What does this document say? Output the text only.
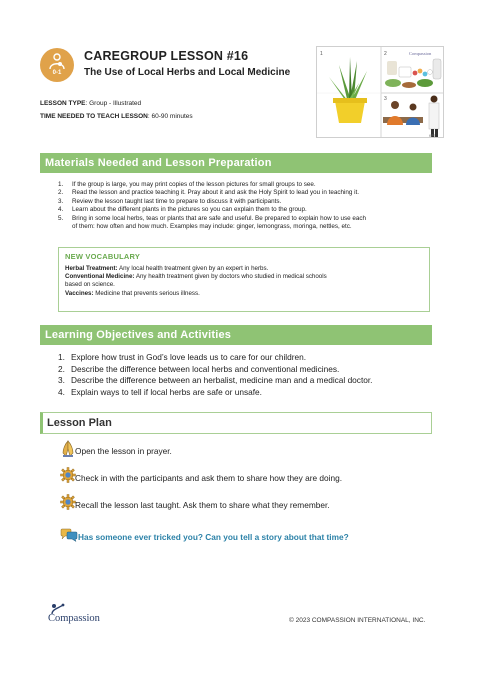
0-1
CAREGROUP LESSON #16
The Use of Local Herbs and Local Medicine
1	2
3
Compassion
KP1
LESSON TYPE: Group - Illustrated
TIME NEEDED TO TEACH LESSON: 60-90 minutes
Materials Needed and Lesson Preparation
1. If the group is large, you may print copies of the lesson pictures for small groups to see.
2. Read the lesson and practice teaching it. Pray about it and ask the Holy Spirit to lead you in teaching it.
3. Review the lesson taught last time to prepare to discuss it with participants.
4. Learn about the different plants in the pictures so you can explain them to the group.
5. Bring in some local herbs, teas or plants that are safe and useful. Be prepared to explain how to use each
of them: how often and how much. Examples may include: ginger, lemongrass, moringa, nettles, etc.
NEW VOCABULARY
Herbal Treatment: Any local health treatment given by an expert in herbs.
Conventional Medicine: Any health treatment given by doctors who studied in medical schools
based on science.
Vaccines: Medicine that prevents serious illness.
Learning Objectives and Activities
1. Explore how trust in God’s love leads us to care for our children.
2. Describe the difference between local herbs and conventional medicines.
3. Describe the difference between an herbalist, medicine man and a medical doctor.
4. Explain ways to tell if local herbs are safe or unsafe.
Lesson Plan
Open the lesson in prayer.
Check in with the participants and ask them to share how they are doing.
Recall the lesson last taught. Ask them to share what they remember.
Has someone ever tricked you? Can you tell a story about that time?
Compassion	© 2023 COMPASSION INTERNATIONAL, INC.
